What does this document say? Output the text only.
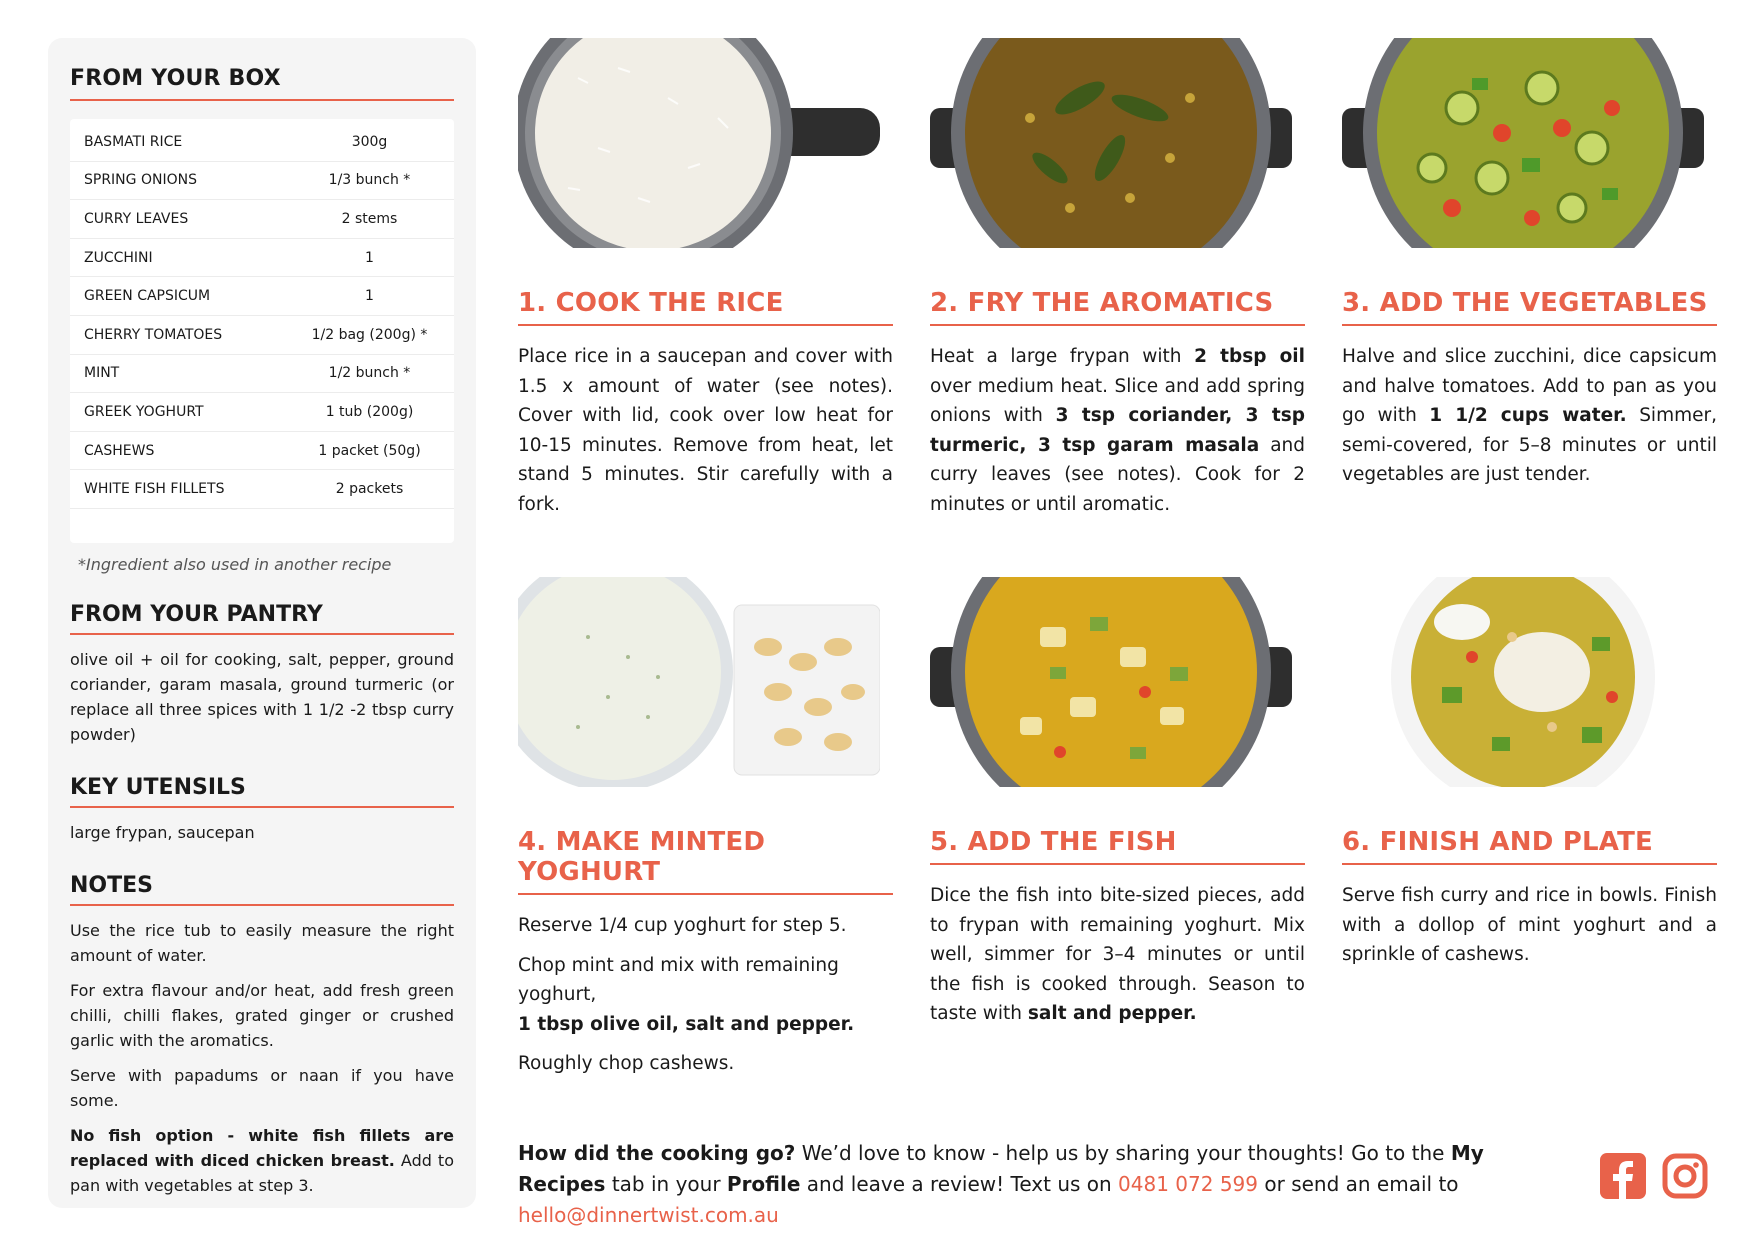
FROM YOUR BOX
BASMATI RICE	300g
SPRING ONIONS	1/3 bunch *
CURRY LEAVES	2 stems
ZUCCHINI	1
GREEN CAPSICUM	1
CHERRY TOMATOES	1/2 bag (200g) *
MINT	1/2 bunch *
GREEK YOGHURT	1 tub (200g)
CASHEWS	1 packet (50g)
WHITE FISH FILLETS	2 packets
*Ingredient also used in another recipe
FROM YOUR PANTRY
olive oil + oil for cooking, salt, pepper, ground coriander, garam masala, ground turmeric (or replace all three spices with 1 1/2 -2 tbsp curry powder)
KEY UTENSILS
large frypan, saucepan
NOTES

Use the rice tub to easily measure the right amount of water.

For extra flavour and/or heat, add fresh green chilli, chilli flakes, grated ginger or crushed garlic with the aromatics.

Serve with papadums or naan if you have some.

No fish option - white fish fillets are replaced with diced chicken breast. Add to pan with vegetables at step 3.

1. COOK THE RICE

Place rice in a saucepan and cover with 1.5 x amount of water (see notes). Cover with lid, cook over low heat for 10-15 minutes. Remove from heat, let stand 5 minutes. Stir carefully with a fork.

2. FRY THE AROMATICS

Heat a large frypan with 2 tbsp oil over medium heat. Slice and add spring onions with 3 tsp coriander, 3 tsp turmeric, 3 tsp garam masala and curry leaves (see notes). Cook for 2 minutes or until aromatic.

3. ADD THE VEGETABLES

Halve and slice zucchini, dice capsicum and halve tomatoes. Add to pan as you go with 1 1/2 cups water. Simmer, semi-covered, for 5–8 minutes or until vegetables are just tender.

4. MAKE MINTED YOGHURT

Reserve 1/4 cup yoghurt for step 5.

Chop mint and mix with remaining yoghurt,
1 tbsp olive oil, salt and pepper.

Roughly chop cashews.

5. ADD THE FISH

Dice the fish into bite-sized pieces, add to frypan with remaining yoghurt. Mix well, simmer for 3–4 minutes or until the fish is cooked through. Season to taste with salt and pepper.

6. FINISH AND PLATE

Serve fish curry and rice in bowls. Finish with a dollop of mint yoghurt and a sprinkle of cashews.

How did the cooking go? We’d love to know - help us by sharing your thoughts! Go to the My Recipes tab in your Profile and leave a review! Text us on 0481 072 599 or send an email to hello@dinnertwist.com.au
